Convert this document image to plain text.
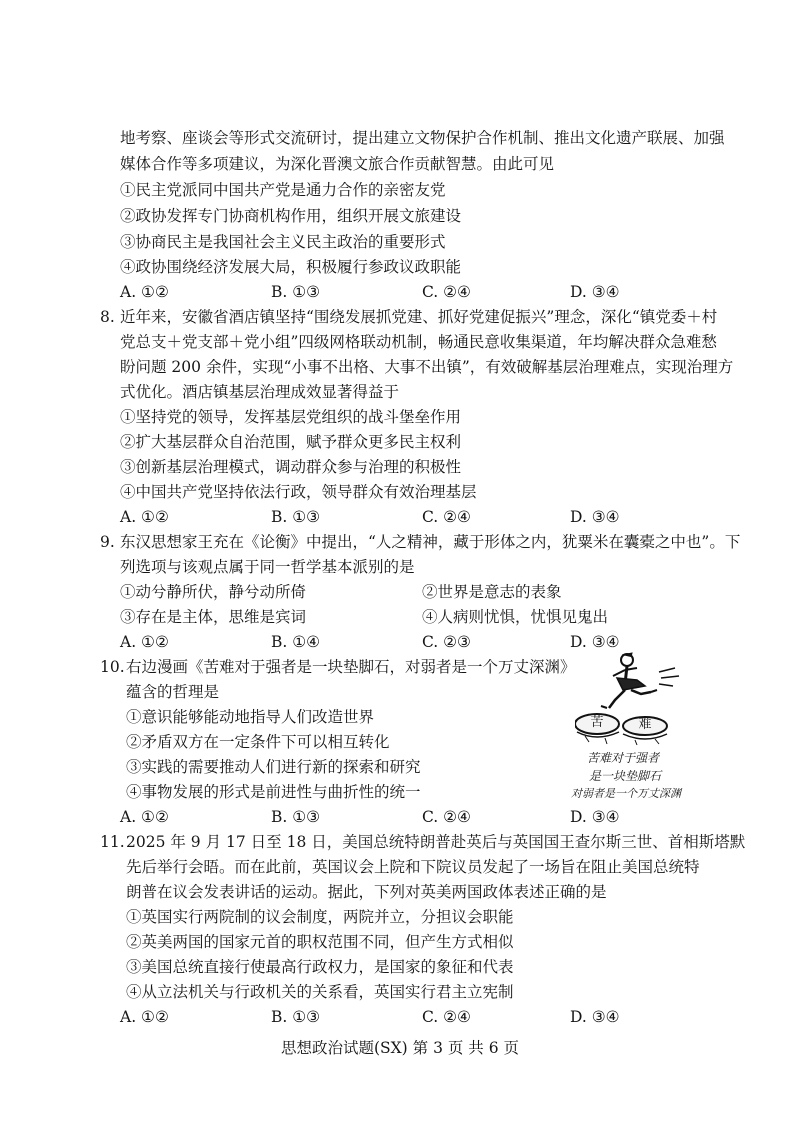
地考察、座谈会等形式交流研讨，提出建立文物保护合作机制、推出文化遗产联展、加强
媒体合作等多项建议，为深化晋澳文旅合作贡献智慧。由此可见
①民主党派同中国共产党是通力合作的亲密友党
②政协发挥专门协商机构作用，组织开展文旅建设
③协商民主是我国社会主义民主政治的重要形式
④政协围绕经济发展大局，积极履行参政议政职能
A. ①②	B. ①③	C. ②④	D. ③④
8. 近年来，安徽省酒店镇坚持“围绕发展抓党建、抓好党建促振兴”理念，深化“镇党委＋村
党总支＋党支部＋党小组”四级网格联动机制，畅通民意收集渠道，年均解决群众急难愁
盼问题 200 余件，实现“小事不出格、大事不出镇”，有效破解基层治理难点，实现治理方
式优化。酒店镇基层治理成效显著得益于
①坚持党的领导，发挥基层党组织的战斗堡垒作用
②扩大基层群众自治范围，赋予群众更多民主权利
③创新基层治理模式，调动群众参与治理的积极性
④中国共产党坚持依法行政，领导群众有效治理基层
A. ①②	B. ①③	C. ②④	D. ③④
9. 东汉思想家王充在《论衡》中提出，“人之精神，藏于形体之内，犹粟米在囊橐之中也”。下
列选项与该观点属于同一哲学基本派别的是
①动兮静所伏，静兮动所倚	②世界是意志的表象
③存在是主体，思维是宾词	④人病则忧惧，忧惧见鬼出
A. ①②	B. ①④	C. ②③	D. ③④
10. 右边漫画《苦难对于强者是一块垫脚石，对弱者是一个万丈深渊》
蕴含的哲理是
①意识能够能动地指导人们改造世界
②矛盾双方在一定条件下可以相互转化
③实践的需要推动人们进行新的探索和研究
④事物发展的形式是前进性与曲折性的统一
A. ①②	B. ①③	C. ②④	D. ③④
苦	难
苦难对于强者
是一块垫脚石
对弱者是一个万丈深渊
11. 2025 年 9 月 17 日至 18 日，美国总统特朗普赴英后与英国国王查尔斯三世、首相斯塔默
先后举行会晤。而在此前，英国议会上院和下院议员发起了一场旨在阻止美国总统特
朗普在议会发表讲话的运动。据此，下列对英美两国政体表述正确的是
①英国实行两院制的议会制度，两院并立，分担议会职能
②英美两国的国家元首的职权范围不同，但产生方式相似
③美国总统直接行使最高行政权力，是国家的象征和代表
④从立法机关与行政机关的关系看，英国实行君主立宪制
A. ①②	B. ①③	C. ②④	D. ③④
思想政治试题(SX) 第 3 页 共 6 页
